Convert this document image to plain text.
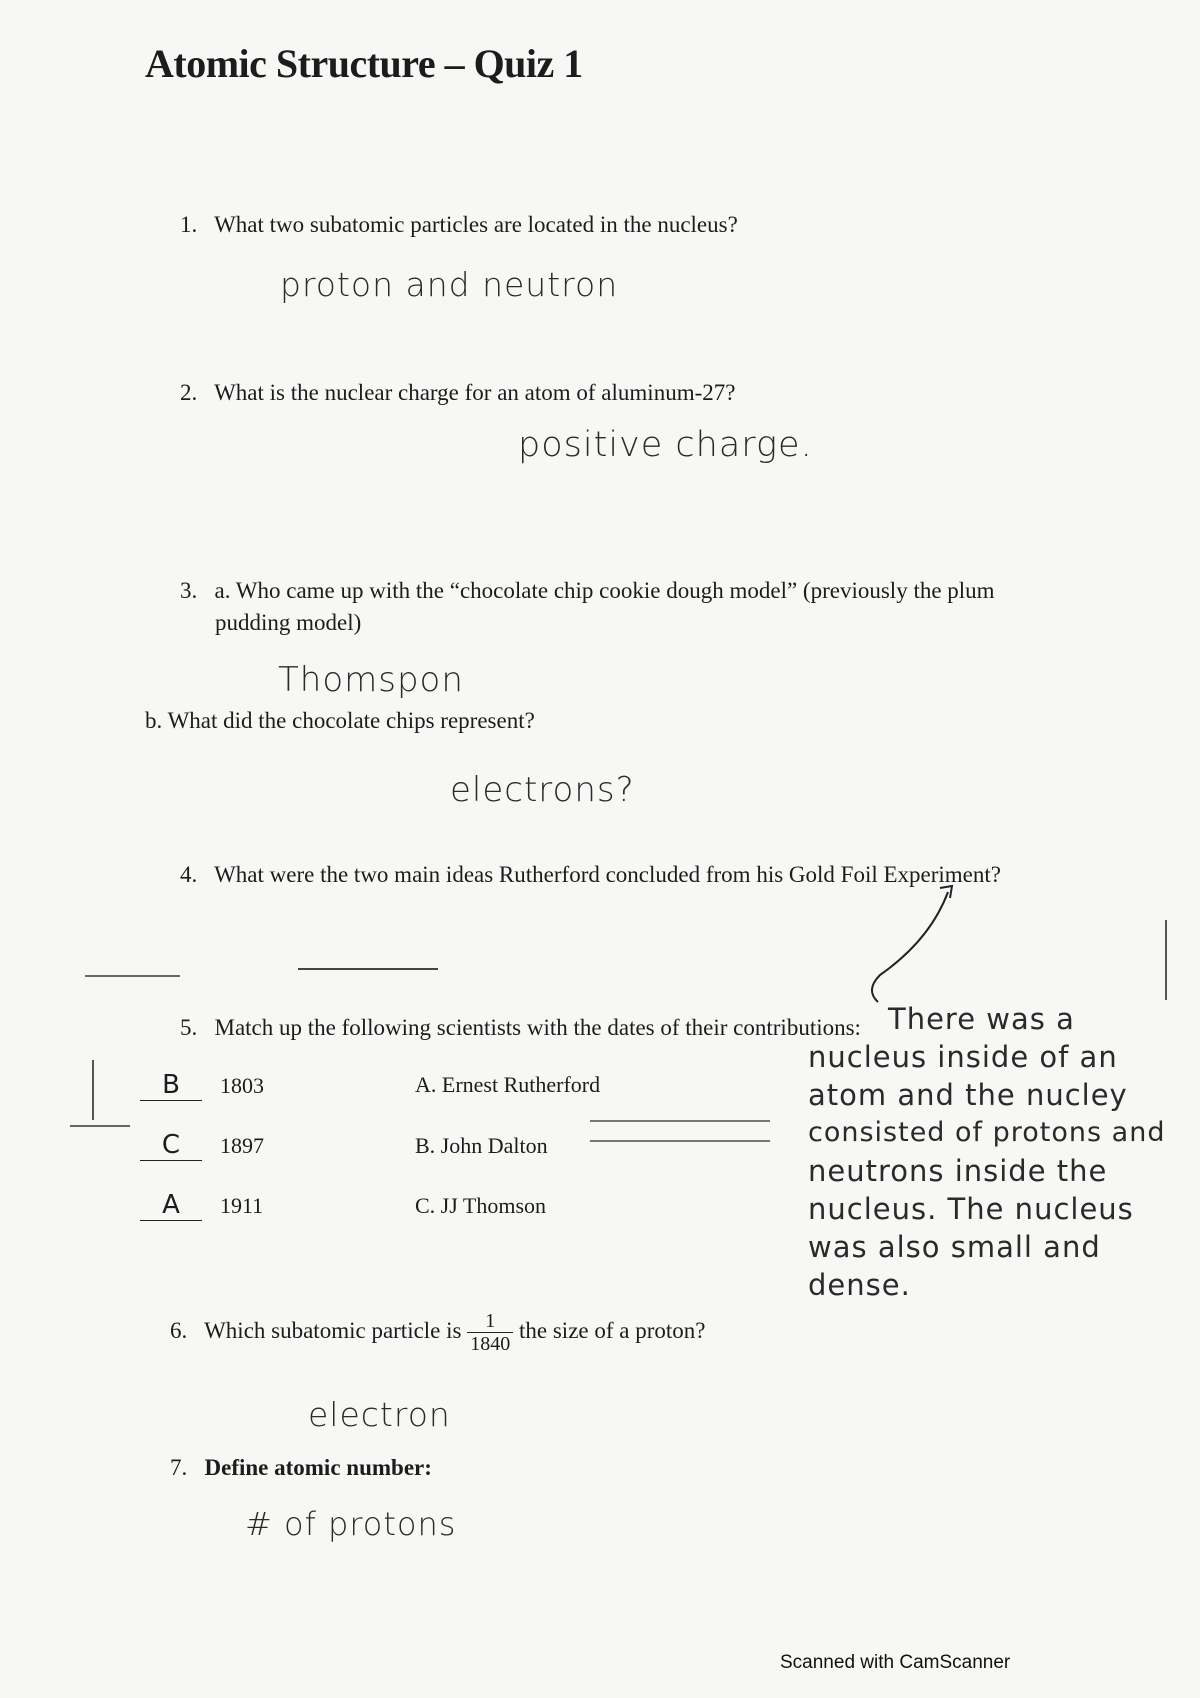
Atomic Structure – Quiz 1
1. What two subatomic particles are located in the nucleus?
proton and neutron
2. What is the nuclear charge for an atom of aluminum-27?
positive charge.
3. a. Who came up with the “chocolate chip cookie dough model” (previously the plum
pudding model)
Thomspon
b. What did the chocolate chips represent?
electrons?
4. What were the two main ideas Rutherford concluded from his Gold Foil Experiment?
There was a
nucleus inside of an
atom and the nucley
consisted of protons and
neutrons inside the
nucleus. The nucleus
was also small and
dense.
5. Match up the following scientists with the dates of their contributions:
B 1803	A. Ernest Rutherford
C 1897	B. John Dalton
A 1911	C. JJ Thomson
6. Which subatomic particle is $\frac{1}{1840}$ the size of a proton?
electron
7. Define atomic number:
# of protons
Scanned with CamScanner
